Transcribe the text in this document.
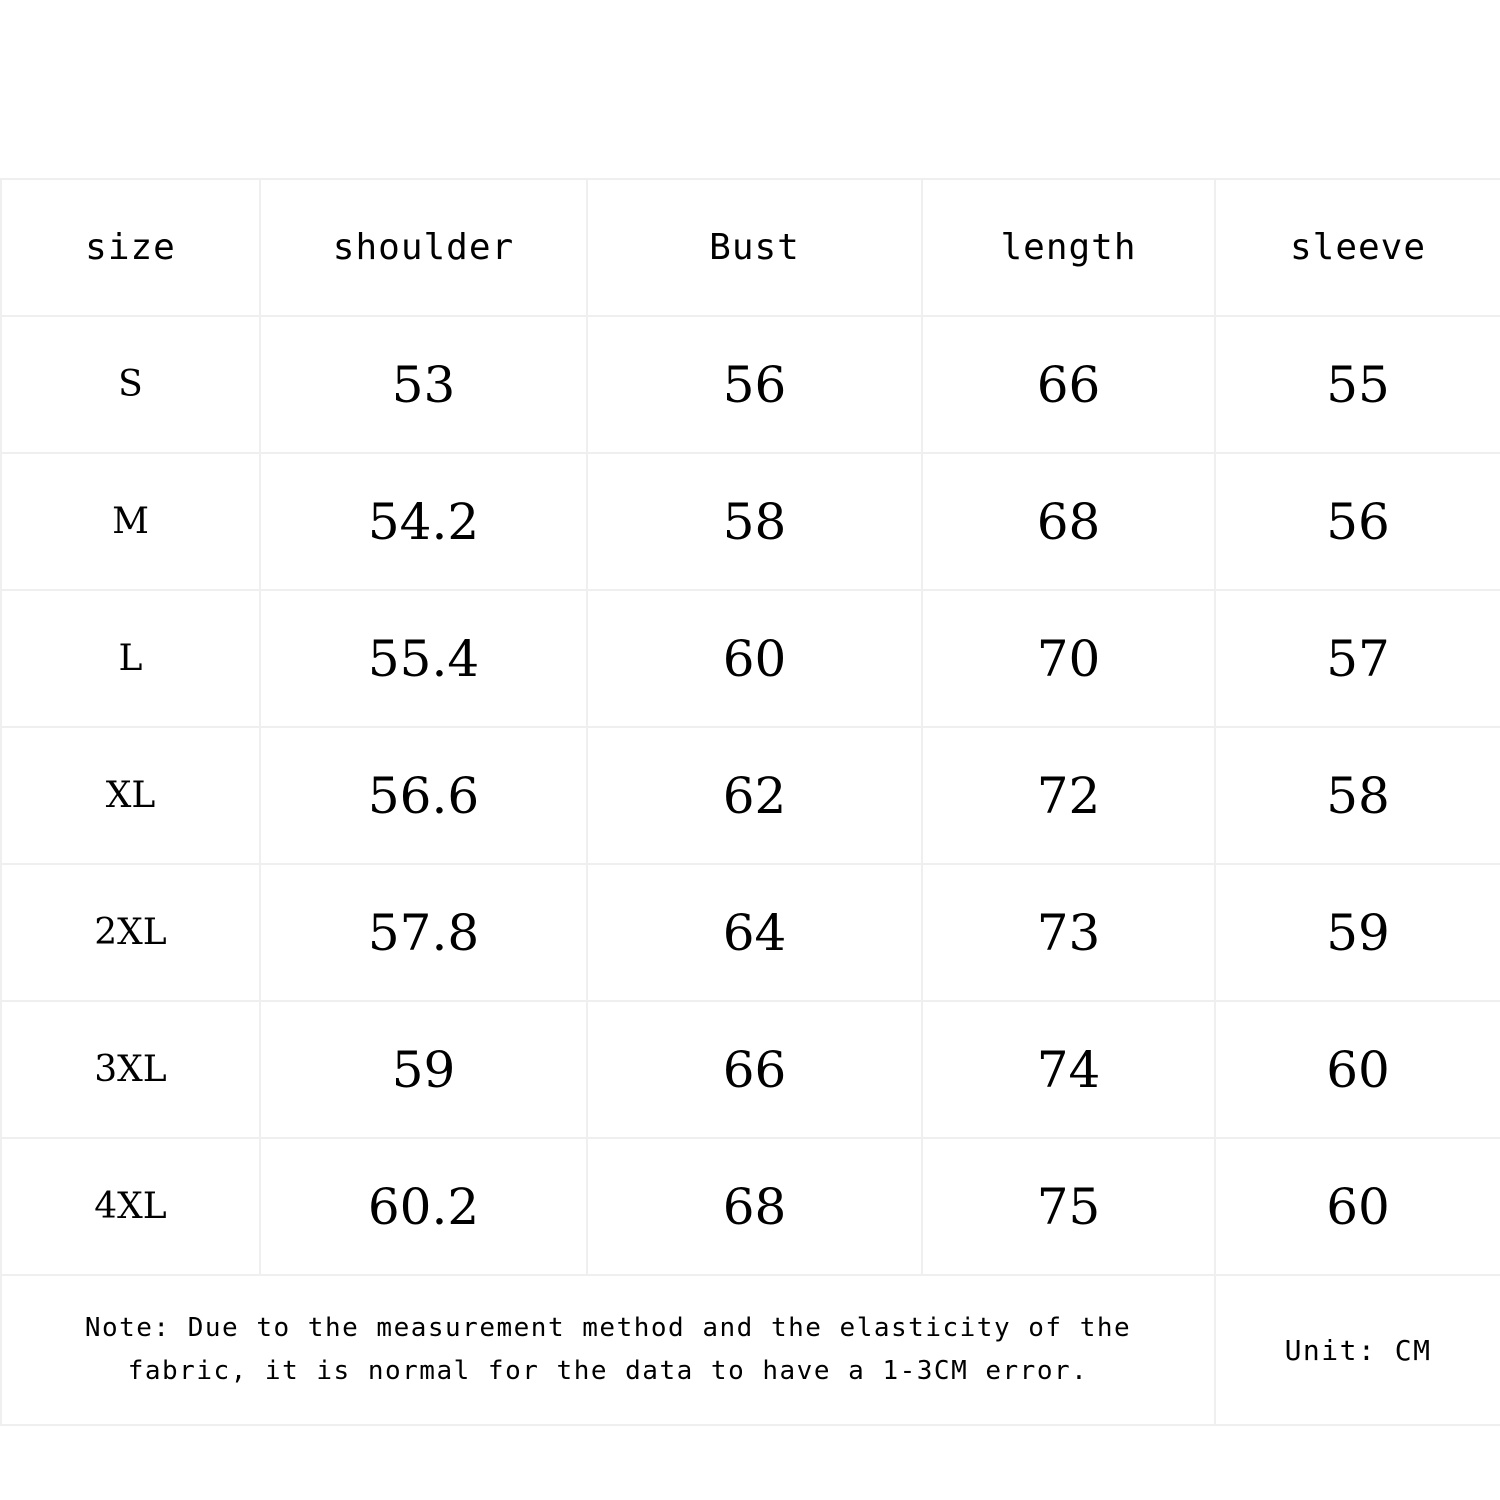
size	shoulder	Bust	length	sleeve
S	53	56	66	55
M	54.2	58	68	56
L	55.4	60	70	57
XL	56.6	62	72	58
2XL	57.8	64	73	59
3XL	59	66	74	60
4XL	60.2	68	75	60

Note: Due to the measurement method and the elasticity of the
fabric, it is normal for the data to have a 1-3CM error.				Unit: CM
